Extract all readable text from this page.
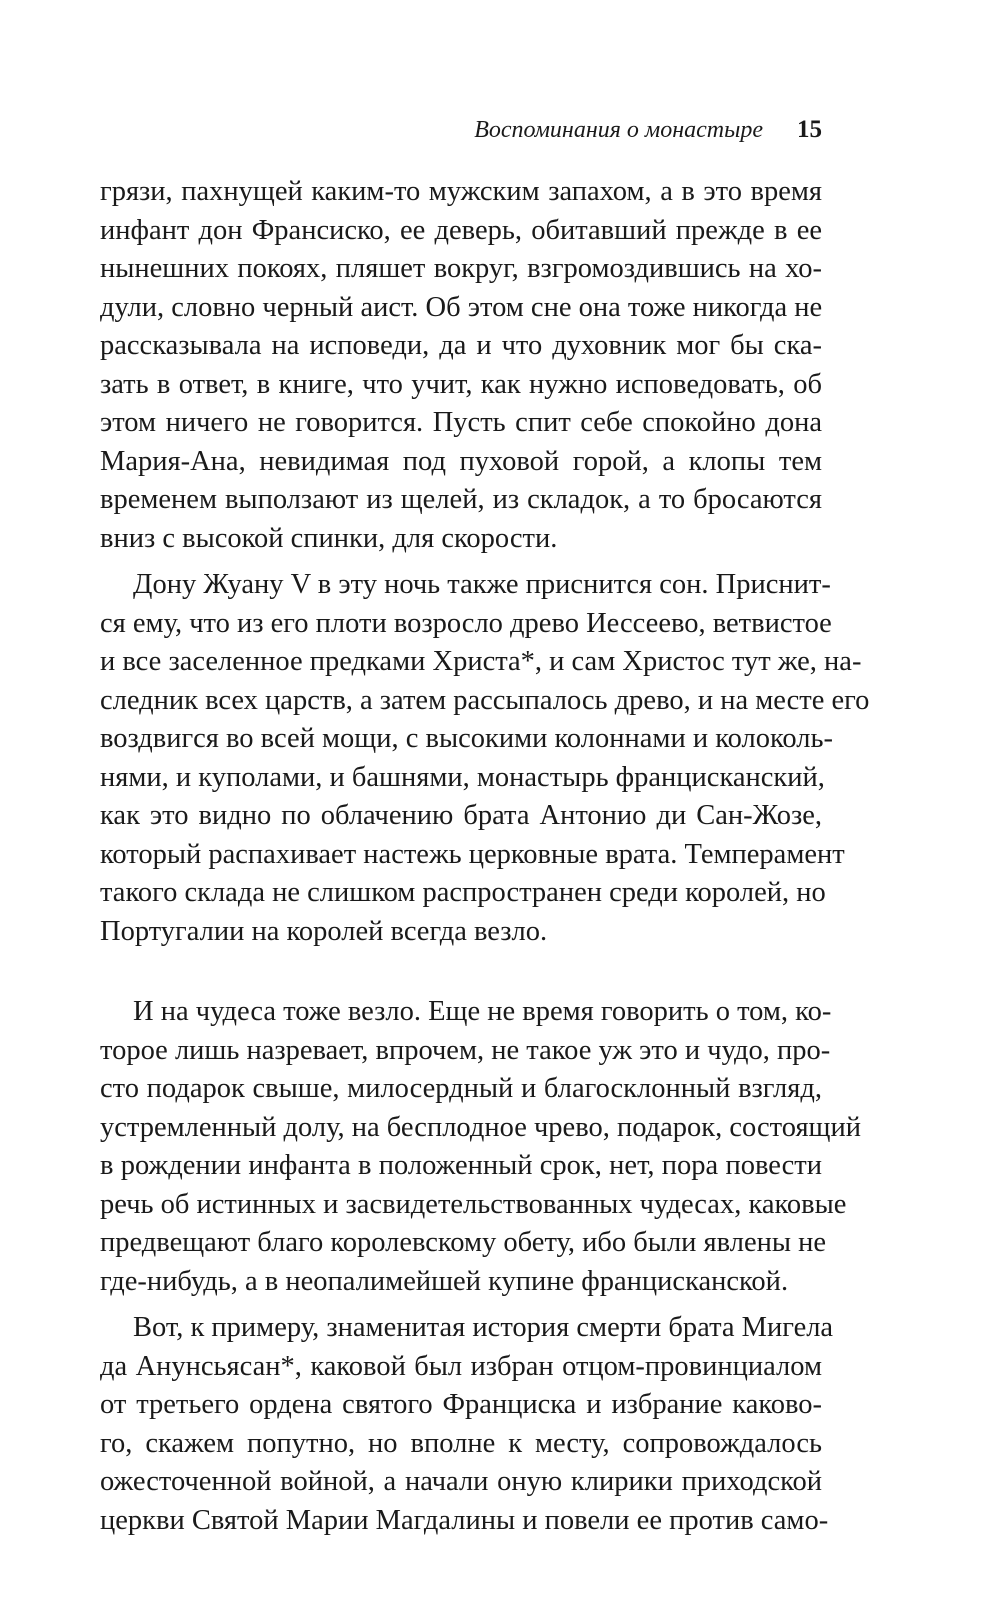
Воспоминания о монастыре 15
грязи, пахнущей каким-то мужским запахом, а в это время
инфант дон Франсиско, ее деверь, обитавший прежде в ее
нынешних покоях, пляшет вокруг, взгромоздившись на хо-
дули, словно черный аист. Об этом сне она тоже никогда не
рассказывала на исповеди, да и что духовник мог бы ска-
зать в ответ, в книге, что учит, как нужно исповедовать, об
этом ничего не говорится. Пусть спит себе спокойно дона
Мария-Ана, невидимая под пуховой горой, а клопы тем
временем выползают из щелей, из складок, а то бросаются
вниз с высокой спинки, для скорости.
Дону Жуану V в эту ночь также приснится сон. Приснит-
ся ему, что из его плоти возросло древо Иессеево, ветвистое
и все заселенное предками Христа*, и сам Христос тут же, на-
следник всех царств, а затем рассыпалось древо, и на месте его
воздвигся во всей мощи, с высокими колоннами и колоколь-
нями, и куполами, и башнями, монастырь францисканский,
как это видно по облачению брата Антонио ди Сан-Жозе,
который распахивает настежь церковные врата. Темперамент
такого склада не слишком распространен среди королей, но
Португалии на королей всегда везло.
И на чудеса тоже везло. Еще не время говорить о том, ко-
торое лишь назревает, впрочем, не такое уж это и чудо, про-
сто подарок свыше, милосердный и благосклонный взгляд,
устремленный долу, на бесплодное чрево, подарок, состоящий
в рождении инфанта в положенный срок, нет, пора повести
речь об истинных и засвидетельствованных чудесах, каковые
предвещают благо королевскому обету, ибо были явлены не
где-нибудь, а в неопалимейшей купине францисканской.
Вот, к примеру, знаменитая история смерти брата Мигела
да Анунсьясан*, каковой был избран отцом-провинциалом
от третьего ордена святого Франциска и избрание каково-
го, скажем попутно, но вполне к месту, сопровождалось
ожесточенной войной, а начали оную клирики приходской
церкви Святой Марии Магдалины и повели ее против само-
